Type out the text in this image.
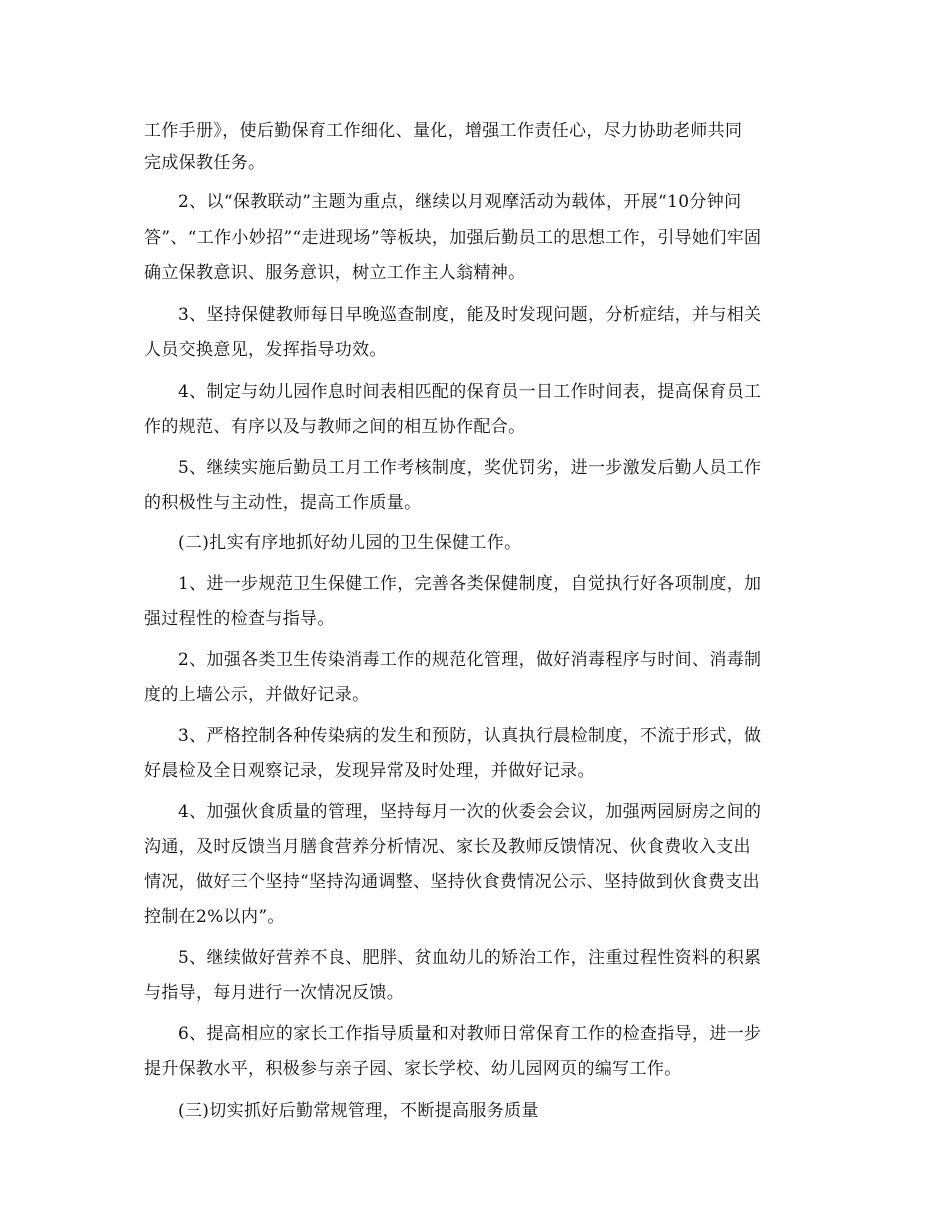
工作手册》，使后勤保育工作细化、量化，增强工作责任心，尽力协助老师共同
完成保教任务。
2、以“保教联动”主题为重点，继续以月观摩活动为载体，开展“10分钟问
答”、“工作小妙招”“走进现场”等板块，加强后勤员工的思想工作，引导她们牢固
确立保教意识、服务意识，树立工作主人翁精神。
3、坚持保健教师每日早晚巡查制度，能及时发现问题，分析症结，并与相关
人员交换意见，发挥指导功效。
4、制定与幼儿园作息时间表相匹配的保育员一日工作时间表，提高保育员工
作的规范、有序以及与教师之间的相互协作配合。
5、继续实施后勤员工月工作考核制度，奖优罚劣，进一步激发后勤人员工作
的积极性与主动性，提高工作质量。
(二)扎实有序地抓好幼儿园的卫生保健工作。
1、进一步规范卫生保健工作，完善各类保健制度，自觉执行好各项制度，加
强过程性的检查与指导。
2、加强各类卫生传染消毒工作的规范化管理，做好消毒程序与时间、消毒制
度的上墙公示，并做好记录。
3、严格控制各种传染病的发生和预防，认真执行晨检制度，不流于形式，做
好晨检及全日观察记录，发现异常及时处理，并做好记录。
4、加强伙食质量的管理，坚持每月一次的伙委会会议，加强两园厨房之间的
沟通，及时反馈当月膳食营养分析情况、家长及教师反馈情况、伙食费收入支出
情况，做好三个坚持“坚持沟通调整、坚持伙食费情况公示、坚持做到伙食费支出
控制在2%以内”。
5、继续做好营养不良、肥胖、贫血幼儿的矫治工作，注重过程性资料的积累
与指导，每月进行一次情况反馈。
6、提高相应的家长工作指导质量和对教师日常保育工作的检查指导，进一步
提升保教水平，积极参与亲子园、家长学校、幼儿园网页的编写工作。
(三)切实抓好后勤常规管理，不断提高服务质量
